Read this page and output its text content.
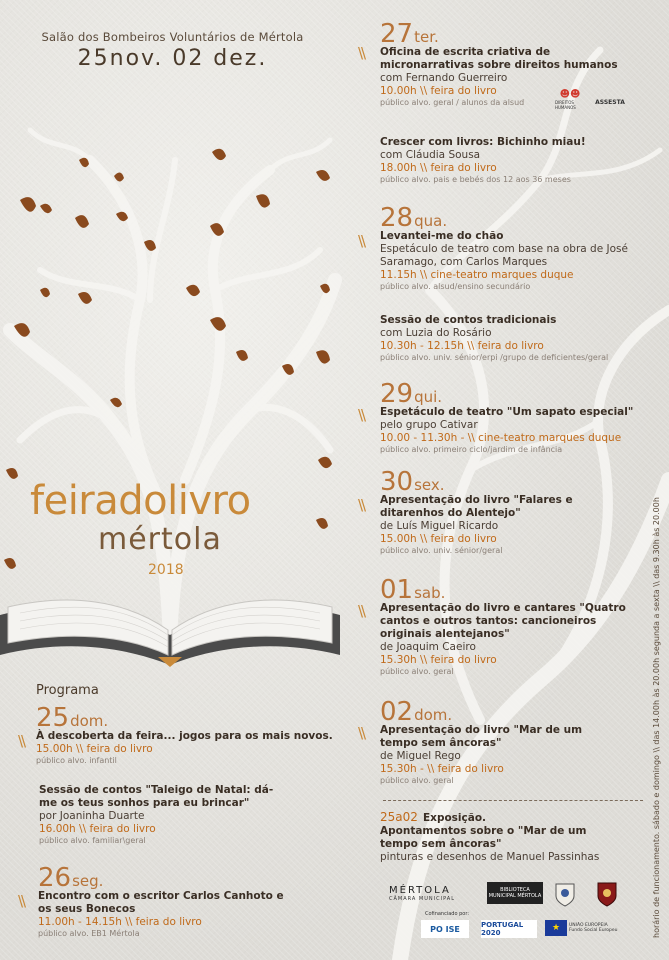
Salão dos Bombeiros Voluntários de Mértola
25nov. 02 dez.
feiradolivro
mértola
2018
Programa
25 dom.
À descoberta da feira... jogos para os mais novos.
15.00h \\ feira do livro
público alvo. infantil
\\
Sessão de contos "Taleigo de Natal: dá-me os teus sonhos para eu brincar"
por Joaninha Duarte
16.00h \\ feira do livro
público alvo. familiar\geral
26 seg.
Encontro com o escritor Carlos Canhoto e os seus Bonecos
11.00h - 14.15h \\ feira do livro
público alvo. EB1 Mértola
\\
27 ter.
Oficina de escrita criativa de micronarrativas sobre direitos humanos
com Fernando Guerreiro
10.00h \\ feira do livro
público alvo. geral / alunos da alsud
\\
Crescer com livros: Bichinho miau!
com Cláudia Sousa
18.00h \\ feira do livro
público alvo. pais e bebés dos 12 aos 36 meses
28 qua.
Levantei-me do chão
Espetáculo de teatro com base na obra de José Saramago, com Carlos Marques
11.15h \\ cine-teatro marques duque
público alvo. alsud/ensino secundário
\\
Sessão de contos tradicionais
com Luzia do Rosário
10.30h - 12.15h \\ feira do livro
público alvo. univ. sénior/erpi /grupo de deficientes/geral
29 qui.
Espetáculo de teatro "Um sapato especial"
pelo grupo Cativar
10.00 - 11.30h - \\ cine-teatro marques duque
público alvo. primeiro ciclo/jardim de infância
\\
30 sex.
Apresentação do livro "Falares e ditarenhos do Alentejo"
de Luís Miguel Ricardo
15.00h \\ feira do livro
público alvo. univ. sénior/geral
\\
01 sab.
Apresentação do livro e cantares "Quatro cantos e outros tantos: cancioneiros originais alentejanos"
de Joaquim Caeiro
15.30h \\ feira do livro
público alvo. geral
\\
02 dom.
Apresentação do livro "Mar de um tempo sem âncoras"
de Miguel Rego
15.30h - \\ feira do livro
público alvo. geral
\\
25a02 Exposição.
Apontamentos sobre o "Mar de um tempo sem âncoras"
pinturas e desenhos de Manuel Passinhas	horário de funcionamento. sábado e domingo \\ das 14.00h às 20.00h segunda a sexta \\ das 9.30h às 20.00h
MÉRTOLA
CÂMARA MUNICIPAL
BIBLIOTECA MUNICIPAL MÉRTOLA
Cofinanciado por:
PO ISE	PORTUGAL 2020	★ UNIÃO EUROPEIA
Fundo Social Europeu
☻☻
DIREITOS HUMANOS
ASSESTA
